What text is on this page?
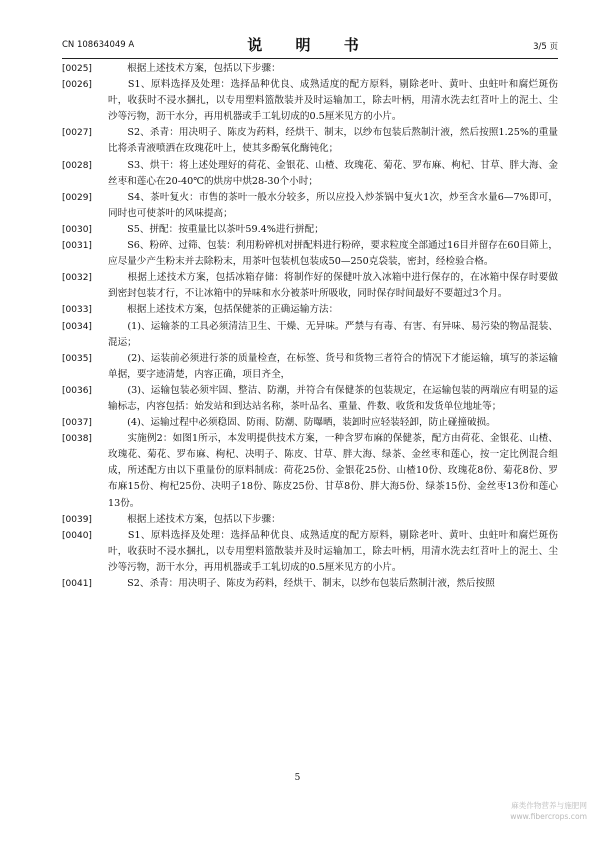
CN 108634049 A	说 明 书	3/5 页
[0025]	　　根据上述技术方案，包括以下步骤：
[0026]	　　S1、原料选择及处理：选择品种优良、成熟适度的配方原料，剔除老叶、黄叶、虫蛀叶和腐烂斑伤叶，收获时不浸水捆扎，以专用塑料篮散装并及时运输加工，除去叶柄，用清水洗去红苕叶上的泥土、尘沙等污物，沥干水分，再用机器或手工轧切成的0.5厘米见方的小片。
[0027]	　　S2、杀青：用决明子、陈皮为药料，经烘干、制末，以纱布包装后熬制汁液，然后按照1.25%的重量比将杀青液喷洒在玫瑰花叶上，使其多酚氧化酶钝化；
[0028]	　　S3、烘干：将上述处理好的荷花、金银花、山楂、玫瑰花、菊花、罗布麻、枸杞、甘草、胖大海、金丝枣和莲心在20-40℃的烘房中烘28-30个小时；
[0029]	　　S4、茶叶复火：市售的茶叶一般水分较多，所以应投入炒茶锅中复火1次，炒至含水量6—7%即可，同时也可使茶叶的风味提高；
[0030]	　　S5、拼配：按重量比以茶叶59.4%进行拼配；
[0031]	　　S6、粉碎、过筛、包装：利用粉碎机对拼配料进行粉碎，要求粒度全部通过16目并留存在60目筛上，应尽量少产生粉末并去除粉末，用茶叶包装机包装成50—250克袋装，密封，经检验合格。
[0032]	　　根据上述技术方案，包括冰箱存储：将制作好的保健叶放入冰箱中进行保存的，在冰箱中保存时要做到密封包装才行，不让冰箱中的异味和水分被茶叶所吸收，同时保存时间最好不要超过3个月。
[0033]	　　根据上述技术方案，包括保健茶的正确运输方法：
[0034]	　　(1)、运输茶的工具必须清洁卫生、干燥、无异味。严禁与有毒、有害、有异味、易污染的物品混装、混运；
[0035]	　　(2)、运装前必须进行茶的质量检查，在标签、货号和货物三者符合的情况下才能运输，填写的茶运输单据，要字迹清楚，内容正确，项目齐全，
[0036]	　　(3)、运输包装必须牢固、整洁、防潮，并符合有保健茶的包装规定，在运输包装的两端应有明显的运输标志，内容包括：始发站和到达站名称，茶叶品名、重量、件数、收货和发货单位地址等；
[0037]	　　(4)、运输过程中必须稳固、防雨、防潮、防曝晒，装卸时应轻装轻卸，防止碰撞破损。
[0038]	　　实施例2：如图1所示，本发明提供技术方案，一种含罗布麻的保健茶，配方由荷花、金银花、山楂、玫瑰花、菊花、罗布麻、枸杞、决明子、陈皮、甘草、胖大海、绿茶、金丝枣和莲心，按一定比例混合组成，所述配方由以下重量份的原料制成：荷花25份、金银花25份、山楂10份、玫瑰花8份、菊花8份、罗布麻15份、枸杞25份、决明子18份、陈皮25份、甘草8份、胖大海5份、绿茶15份、金丝枣13份和莲心13份。
[0039]	　　根据上述技术方案，包括以下步骤：
[0040]	　　S1、原料选择及处理：选择品种优良、成熟适度的配方原料，剔除老叶、黄叶、虫蛀叶和腐烂斑伤叶，收获时不浸水捆扎，以专用塑料篮散装并及时运输加工，除去叶柄，用清水洗去红苕叶上的泥土、尘沙等污物，沥干水分，再用机器或手工轧切成的0.5厘米见方的小片。
[0041]	　　S2、杀青：用决明子、陈皮为药料，经烘干、制末，以纱布包装后熬制汁液，然后按照
5
麻类作物营养与施肥网
www.fibercrops.com
